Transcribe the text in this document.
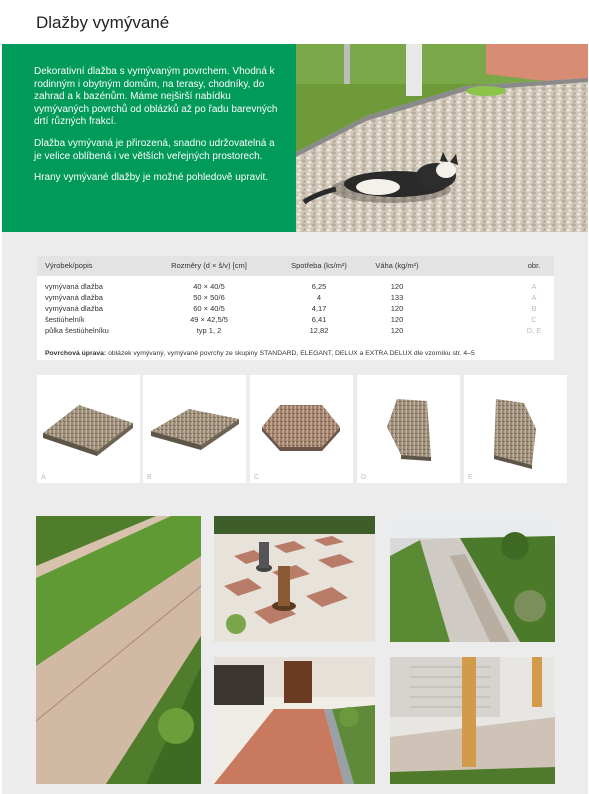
Dlažby vymývané

Dekorativní dlažba s vymývaným povrchem. Vhodná k rodinným i obytným domům, na terasy, chodníky, do zahrad a k bazénům. Máme nejširší nabídku vymývaných povrchů od oblázků až po řadu barevných drtí různých frakcí.

Dlažba vymývaná je přirozená, snadno udržovatelná a je velice oblíbená i ve větších veřejných prostorech.

Hrany vymývané dlažby je možné pohledově upravit.

Výrobek/popis	Rozměry (d × š/v) [cm]	Spotřeba (ks/m²)	Váha (kg/m²)	obr.
vymývaná dlažba	40 × 40/5	6,25	120	A
vymývaná dlažba	50 × 50/6	4	133	A
vymývaná dlažba	60 × 40/5	4,17	120	B
šestiúhelník	49 × 42,5/5	6,41	120	C
půlka šestiúhelníku	typ 1, 2	12,82	120	D, E
Povrchová úprava: oblázek vymývaný, vymývané povrchy ze skupiny STANDARD, ELEGANT, DELUX a EXTRA DELUX dle vzorníku str. 4–5
A	B	C	D	E
